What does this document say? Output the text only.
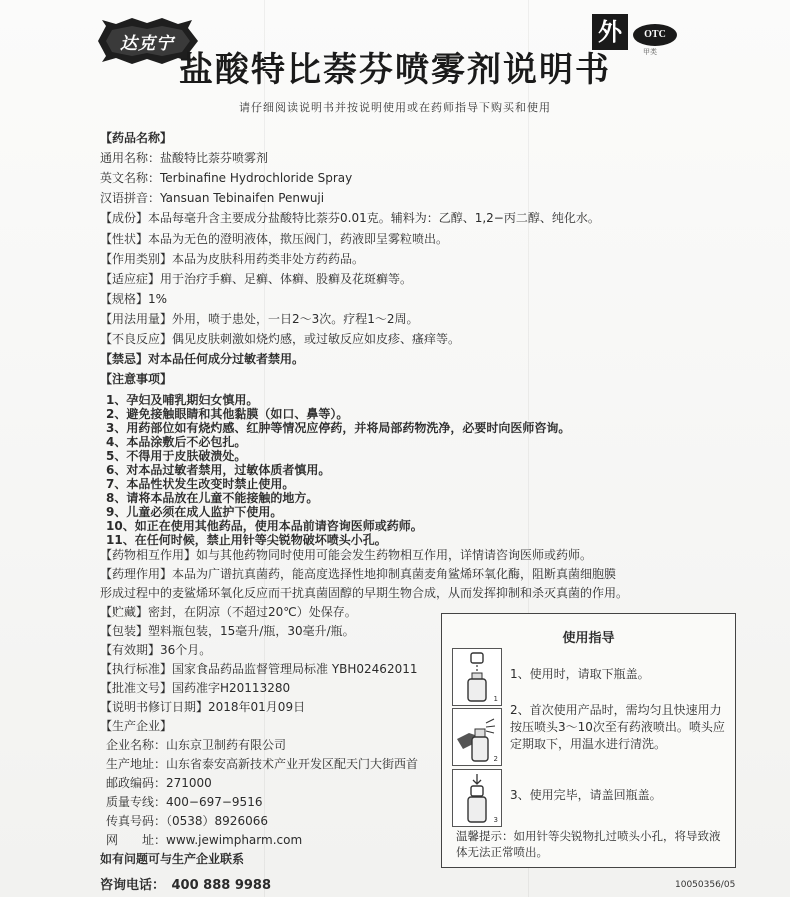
达克宁
盐酸特比萘芬喷雾剂说明书
请仔细阅读说明书并按说明使用或在药师指导下购买和使用
外	OTC
甲类
【药品名称】
通用名称：盐酸特比萘芬喷雾剂
英文名称：Terbinafine Hydrochloride Spray
汉语拼音：Yansuan Tebinaifen Penwuji
【成份】本品每毫升含主要成分盐酸特比萘芬0.01克。辅料为：乙醇、1,2−丙二醇、纯化水。
【性状】本品为无色的澄明液体，揿压阀门，药液即呈雾粒喷出。
【作用类别】本品为皮肤科用药类非处方药药品。
【适应症】用于治疗手癣、足癣、体癣、股癣及花斑癣等。
【规格】1%
【用法用量】外用，喷于患处，一日2～3次。疗程1～2周。
【不良反应】偶见皮肤刺激如烧灼感，或过敏反应如皮疹、瘙痒等。
【禁忌】对本品任何成分过敏者禁用。
【注意事项】
1、孕妇及哺乳期妇女慎用。
2、避免接触眼睛和其他黏膜（如口、鼻等）。
3、用药部位如有烧灼感、红肿等情况应停药，并将局部药物洗净，必要时向医师咨询。
4、本品涂敷后不必包扎。
5、不得用于皮肤破溃处。
6、对本品过敏者禁用，过敏体质者慎用。
7、本品性状发生改变时禁止使用。
8、请将本品放在儿童不能接触的地方。
9、儿童必须在成人监护下使用。
10、如正在使用其他药品，使用本品前请咨询医师或药师。
11、在任何时候，禁止用针等尖锐物破坏喷头小孔。
【药物相互作用】如与其他药物同时使用可能会发生药物相互作用，详情请咨询医师或药师。
【药理作用】本品为广谱抗真菌药，能高度选择性地抑制真菌麦角鲨烯环氧化酶，阻断真菌细胞膜
形成过程中的麦鲨烯环氧化反应而干扰真菌固醇的早期生物合成，从而发挥抑制和杀灭真菌的作用。
【贮藏】密封，在阴凉（不超过20℃）处保存。
【包装】塑料瓶包装，15毫升/瓶，30毫升/瓶。
【有效期】36个月。
【执行标准】国家食品药品监督管理局标准 YBH02462011
【批准文号】国药准字H20113280
【说明书修订日期】2018年01月09日
【生产企业】
企业名称：山东京卫制药有限公司
生产地址：山东省泰安高新技术产业开发区配天门大街西首
邮政编码：271000
使用指导
1
1、使用时，请取下瓶盖。
2
2、首次使用产品时，需均匀且快速用力按压喷头3～10次至有药液喷出。喷头应定期取下，用温水进行清洗。
3
3、使用完毕，请盖回瓶盖。
温馨提示：如用针等尖锐物扎过喷头小孔，将导致液体无法正常喷出。
10050356/05
质量专线：400−697−9516
传真号码：（0538）8926066
网　　址：www.jewimpharm.com
如有问题可与生产企业联系
咨询电话：　400 888 9988
